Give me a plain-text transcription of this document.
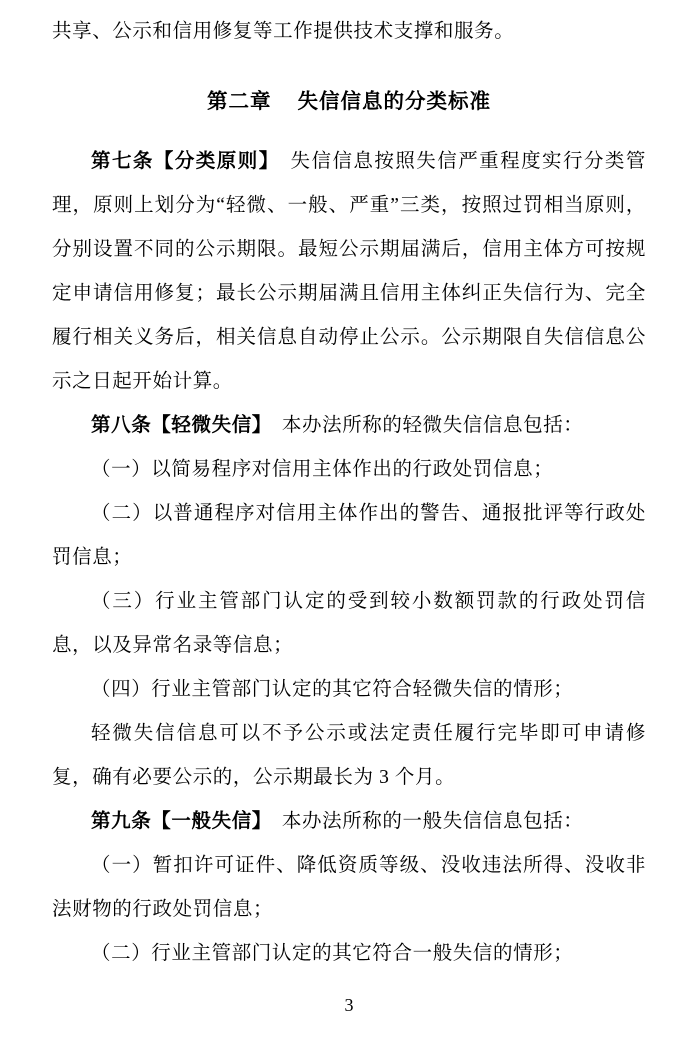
共享、公示和信用修复等工作提供技术支撑和服务。

第二章 失信信息的分类标准

第七条【分类原则】 失信信息按照失信严重程度实行分类管理，原则上划分为“轻微、一般、严重”三类，按照过罚相当原则，分别设置不同的公示期限。最短公示期届满后，信用主体方可按规定申请信用修复；最长公示期届满且信用主体纠正失信行为、完全履行相关义务后，相关信息自动停止公示。公示期限自失信信息公示之日起开始计算。

第八条【轻微失信】 本办法所称的轻微失信信息包括：

（一）以简易程序对信用主体作出的行政处罚信息；

（二）以普通程序对信用主体作出的警告、通报批评等行政处罚信息；

（三）行业主管部门认定的受到较小数额罚款的行政处罚信息，以及异常名录等信息；

（四）行业主管部门认定的其它符合轻微失信的情形；

轻微失信信息可以不予公示或法定责任履行完毕即可申请修复，确有必要公示的，公示期最长为 3 个月。

第九条【一般失信】 本办法所称的一般失信信息包括：

（一）暂扣许可证件、降低资质等级、没收违法所得、没收非法财物的行政处罚信息；

（二）行业主管部门认定的其它符合一般失信的情形；

3
